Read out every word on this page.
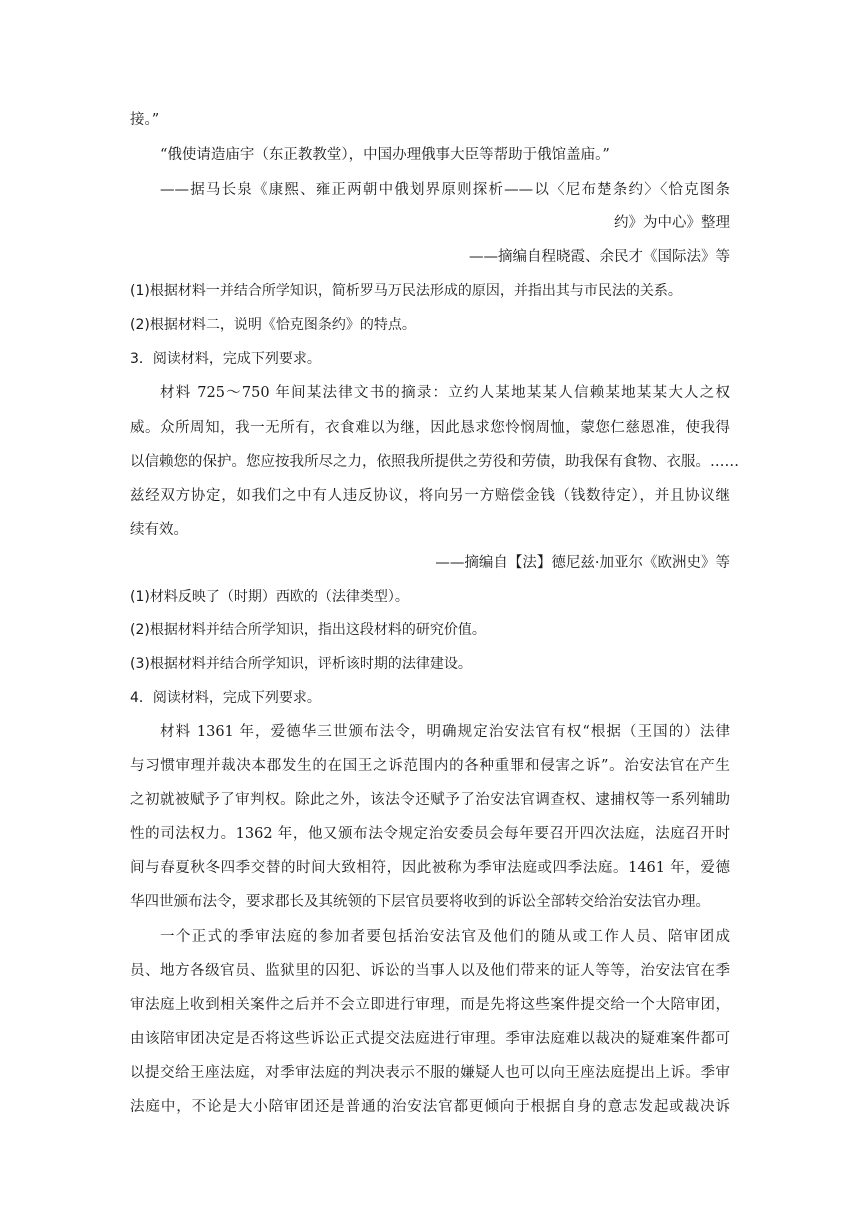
接。”
“俄使请造庙宇（东正教教堂），中国办理俄事大臣等帮助于俄馆盖庙。”
——据马长泉《康熙、雍正两朝中俄划界原则探析——以〈尼布楚条约〉〈恰克图条
约》为中心》整理
——摘编自程晓霞、余民才《国际法》等
(1)根据材料一并结合所学知识，简析罗马万民法形成的原因，并指出其与市民法的关系。
(2)根据材料二，说明《恰克图条约》的特点。
3．阅读材料，完成下列要求。
材料 725～750 年间某法律文书的摘录：立约人某地某某人信赖某地某某大人之权
威。众所周知，我一无所有，衣食难以为继，因此恳求您怜悯周恤，蒙您仁慈恩准，使我得
以信赖您的保护。您应按我所尽之力，依照我所提供之劳役和劳债，助我保有食物、衣服。……
兹经双方协定，如我们之中有人违反协议，将向另一方赔偿金钱（钱数待定），并且协议继
续有效。
——摘编自【法】德尼兹·加亚尔《欧洲史》等
(1)材料反映了（时期）西欧的（法律类型）。
(2)根据材料并结合所学知识，指出这段材料的研究价值。
(3)根据材料并结合所学知识，评析该时期的法律建设。
4．阅读材料，完成下列要求。
材料 1361 年，爱德华三世颁布法令，明确规定治安法官有权“根据（王国的）法律
与习惯审理并裁决本郡发生的在国王之诉范围内的各种重罪和侵害之诉”。治安法官在产生
之初就被赋予了审判权。除此之外，该法令还赋予了治安法官调查权、逮捕权等一系列辅助
性的司法权力。1362 年，他又颁布法令规定治安委员会每年要召开四次法庭，法庭召开时
间与春夏秋冬四季交替的时间大致相符，因此被称为季审法庭或四季法庭。1461 年，爱德
华四世颁布法令，要求郡长及其统领的下层官员要将收到的诉讼全部转交给治安法官办理。
一个正式的季审法庭的参加者要包括治安法官及他们的随从或工作人员、陪审团成
员、地方各级官员、监狱里的囚犯、诉讼的当事人以及他们带来的证人等等，治安法官在季
审法庭上收到相关案件之后并不会立即进行审理，而是先将这些案件提交给一个大陪审团，
由该陪审团决定是否将这些诉讼正式提交法庭进行审理。季审法庭难以裁决的疑难案件都可
以提交给王座法庭，对季审法庭的判决表示不服的嫌疑人也可以向王座法庭提出上诉。季审
法庭中，不论是大小陪审团还是普通的治安法官都更倾向于根据自身的意志发起或裁决诉
